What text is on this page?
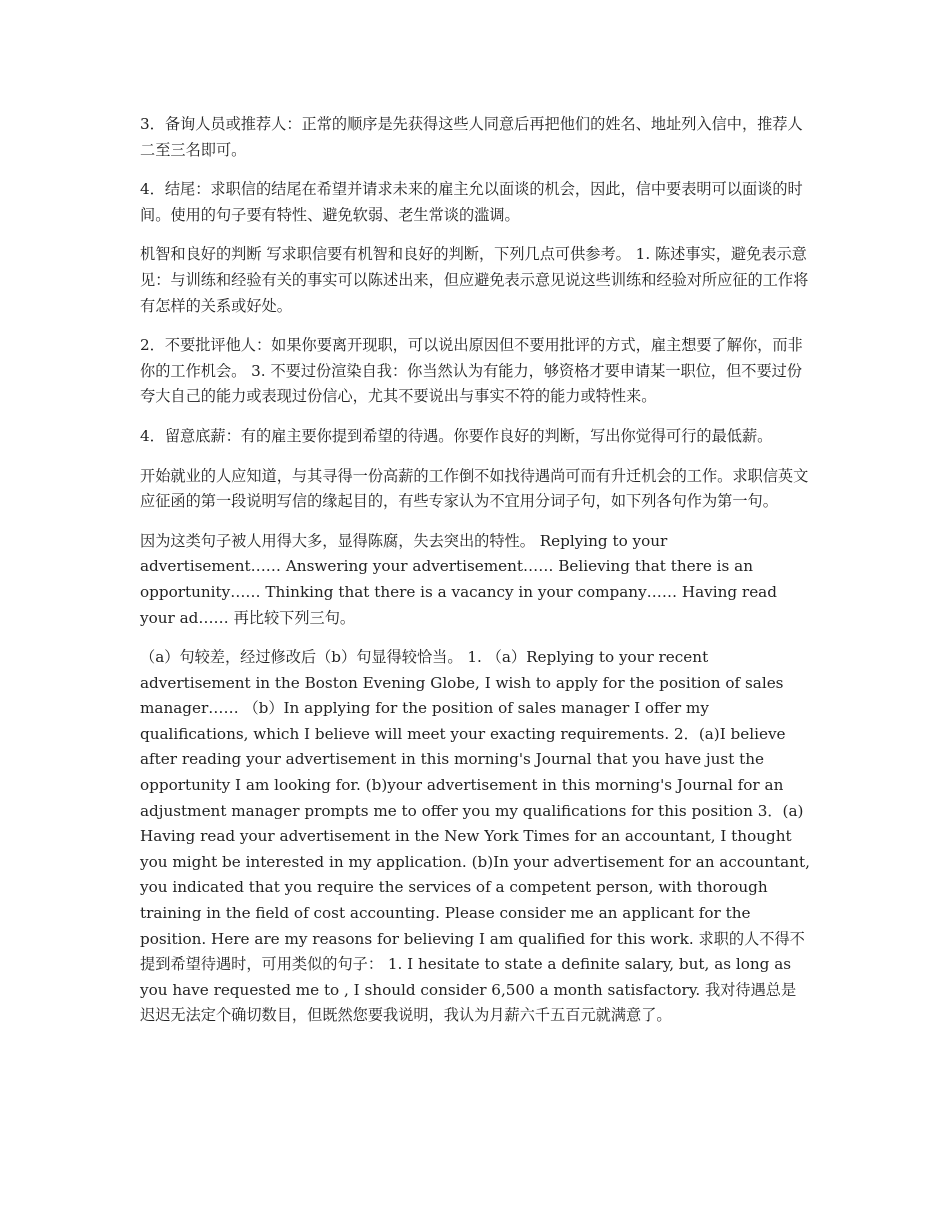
3．备询人员或推荐人：正常的顺序是先获得这些人同意后再把他们的姓名、地址列入信中，推荐人二至三名即可。

4．结尾：求职信的结尾在希望并请求未来的雇主允以面谈的机会，因此，信中要表明可以面谈的时间。使用的句子要有特性、避免软弱、老生常谈的滥调。

机智和良好的判断 写求职信要有机智和良好的判断，下列几点可供参考。 1. 陈述事实，避免表示意见：与训练和经验有关的事实可以陈述出来，但应避免表示意见说这些训练和经验对所应征的工作将有怎样的关系或好处。

2．不要批评他人：如果你要离开现职，可以说出原因但不要用批评的方式，雇主想要了解你，而非你的工作机会。 3. 不要过份渲染自我：你当然认为有能力，够资格才要申请某一职位，但不要过份夸大自己的能力或表现过份信心，尤其不要说出与事实不符的能力或特性来。

4．留意底薪：有的雇主要你提到希望的待遇。你要作良好的判断，写出你觉得可行的最低薪。

开始就业的人应知道，与其寻得一份高薪的工作倒不如找待遇尚可而有升迁机会的工作。求职信英文 应征函的第一段说明写信的缘起目的，有些专家认为不宜用分词子句，如下列各句作为第一句。

因为这类句子被人用得大多，显得陈腐，失去突出的特性。 Replying to your advertisement…… Answering your advertisement…… Believing that there is an opportunity…… Thinking that there is a vacancy in your company…… Having read your ad…… 再比较下列三句。

（a）句较差，经过修改后（b）句显得较恰当。 1. （a）Replying to your recent advertisement in the Boston Evening Globe, I wish to apply for the position of sales manager…… （b）In applying for the position of sales manager I offer my qualifications, which I believe will meet your exacting requirements. 2．(a)I believe after reading your advertisement in this morning's Journal that you have just the opportunity I am looking for. (b)your advertisement in this morning's Journal for an adjustment manager prompts me to offer you my qualifications for this position 3．(a) Having read your advertisement in the New York Times for an accountant, I thought you might be interested in my application. (b)In your advertisement for an accountant, you indicated that you require the services of a competent person, with thorough training in the field of cost accounting. Please consider me an applicant for the position. Here are my reasons for believing I am qualified for this work. 求职的人不得不提到希望待遇时，可用类似的句子： 1. I hesitate to state a definite salary, but, as long as you have requested me to , I should consider 6,500 a month satisfactory. 我对待遇总是迟迟无法定个确切数目，但既然您要我说明，我认为月薪六千五百元就满意了。
